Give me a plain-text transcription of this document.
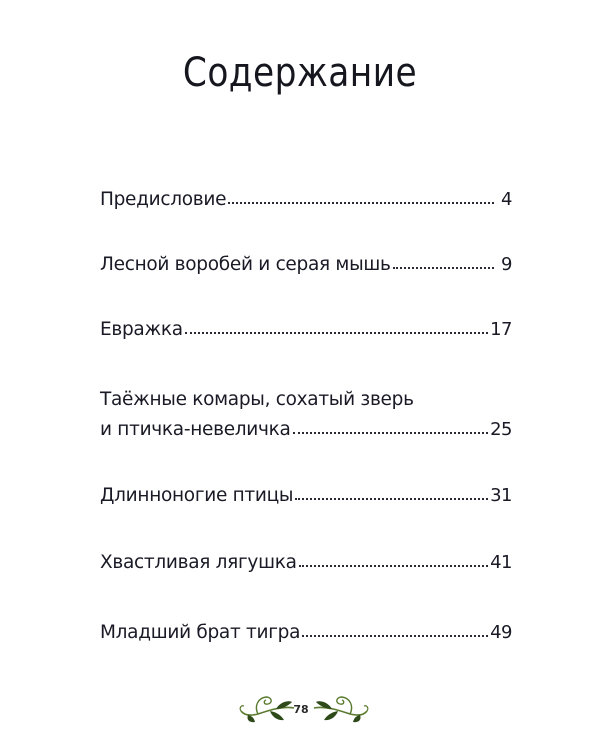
Содержание
Предисловие	4
Лесной воробей и серая мышь	9
Евражка	17
Таёжные комары, сохатый зверь
и птичка-невеличка	25
Длинноногие птицы	31
Хвастливая лягушка	41
Младший брат тигра	49
78
